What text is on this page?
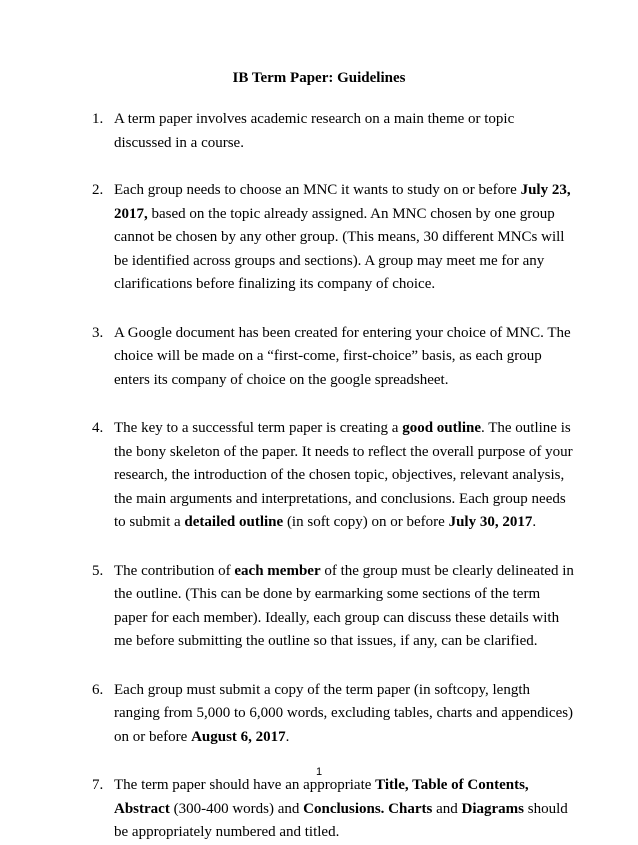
IB Term Paper: Guidelines
1. A term paper involves academic research on a main theme or topic discussed in a course.
2. Each group needs to choose an MNC it wants to study on or before July 23, 2017, based on the topic already assigned. An MNC chosen by one group cannot be chosen by any other group. (This means, 30 different MNCs will be identified across groups and sections). A group may meet me for any clarifications before finalizing its company of choice.
3. A Google document has been created for entering your choice of MNC. The choice will be made on a “first-come, first-choice” basis, as each group enters its company of choice on the google spreadsheet.
4. The key to a successful term paper is creating a good outline. The outline is the bony skeleton of the paper. It needs to reflect the overall purpose of your research, the introduction of the chosen topic, objectives, relevant analysis, the main arguments and interpretations, and conclusions. Each group needs to submit a detailed outline (in soft copy) on or before July 30, 2017.
5. The contribution of each member of the group must be clearly delineated in the outline. (This can be done by earmarking some sections of the term paper for each member). Ideally, each group can discuss these details with me before submitting the outline so that issues, if any, can be clarified.
6. Each group must submit a copy of the term paper (in softcopy, length ranging from 5,000 to 6,000 words, excluding tables, charts and appendices) on or before August 6, 2017.
7. The term paper should have an appropriate Title, Table of Contents, Abstract (300-400 words) and Conclusions. Charts and Diagrams should be appropriately numbered and titled.
1
